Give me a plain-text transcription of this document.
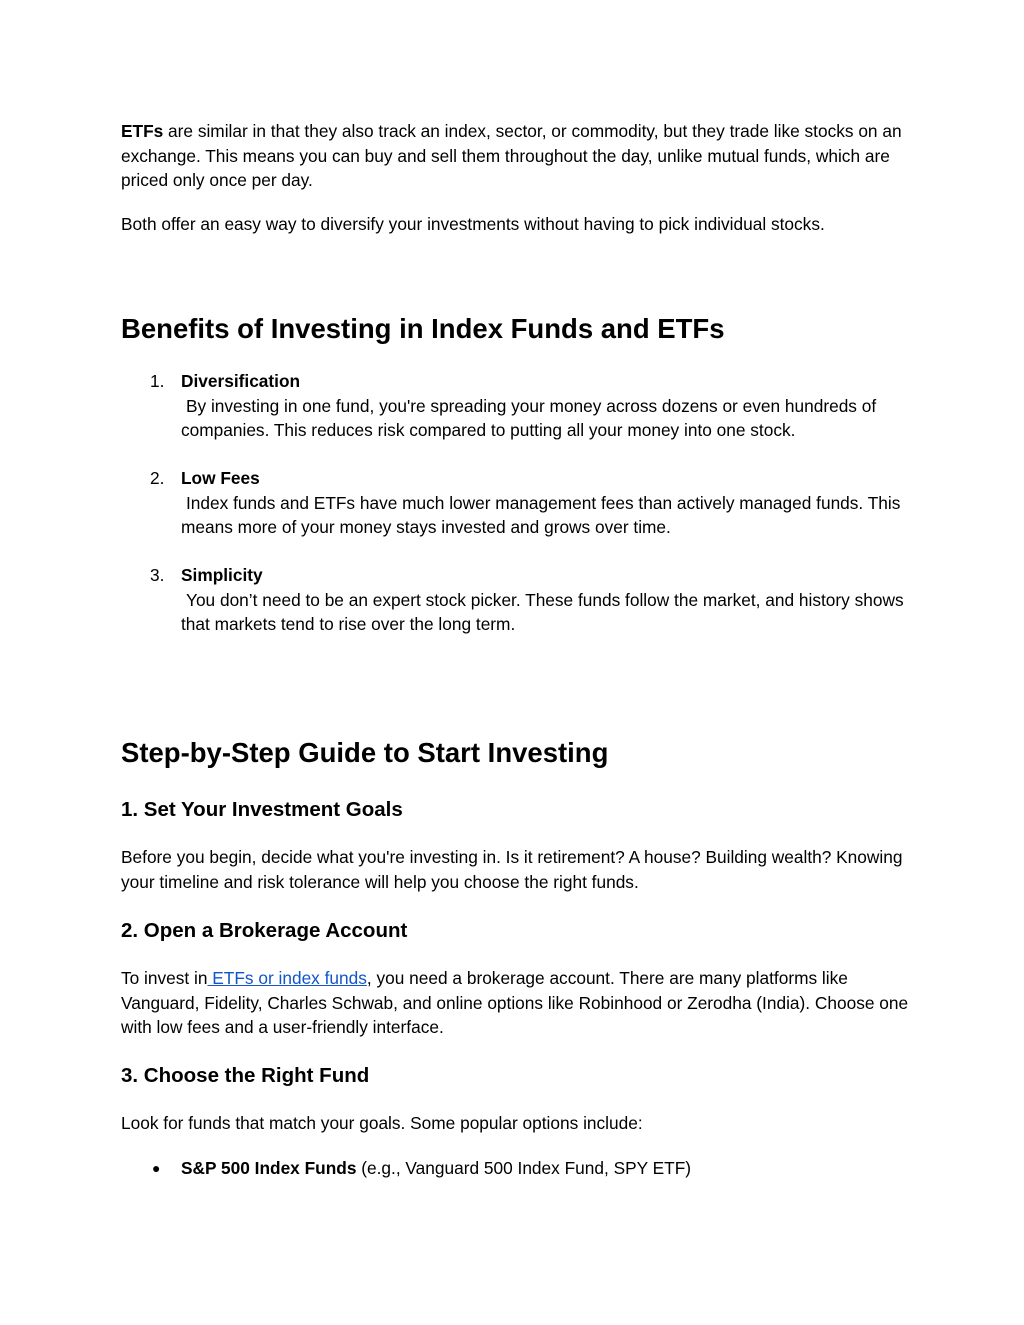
ETFs are similar in that they also track an index, sector, or commodity, but they trade like stocks on an exchange. This means you can buy and sell them throughout the day, unlike mutual funds, which are priced only once per day.

Both offer an easy way to diversify your investments without having to pick individual stocks.

Benefits of Investing in Index Funds and ETFs
1. Diversification

By investing in one fund, you're spreading your money across dozens or even hundreds of companies. This reduces risk compared to putting all your money into one stock.

2. Low Fees

Index funds and ETFs have much lower management fees than actively managed funds. This means more of your money stays invested and grows over time.

3. Simplicity

You don’t need to be an expert stock picker. These funds follow the market, and history shows that markets tend to rise over the long term.

Step-by-Step Guide to Start Investing
1. Set Your Investment Goals

Before you begin, decide what you're investing in. Is it retirement? A house? Building wealth? Knowing your timeline and risk tolerance will help you choose the right funds.

2. Open a Brokerage Account

To invest in ETFs or index funds, you need a brokerage account. There are many platforms like Vanguard, Fidelity, Charles Schwab, and online options like Robinhood or Zerodha (India). Choose one with low fees and a user-friendly interface.

3. Choose the Right Fund

Look for funds that match your goals. Some popular options include:

● S&P 500 Index Funds (e.g., Vanguard 500 Index Fund, SPY ETF)
